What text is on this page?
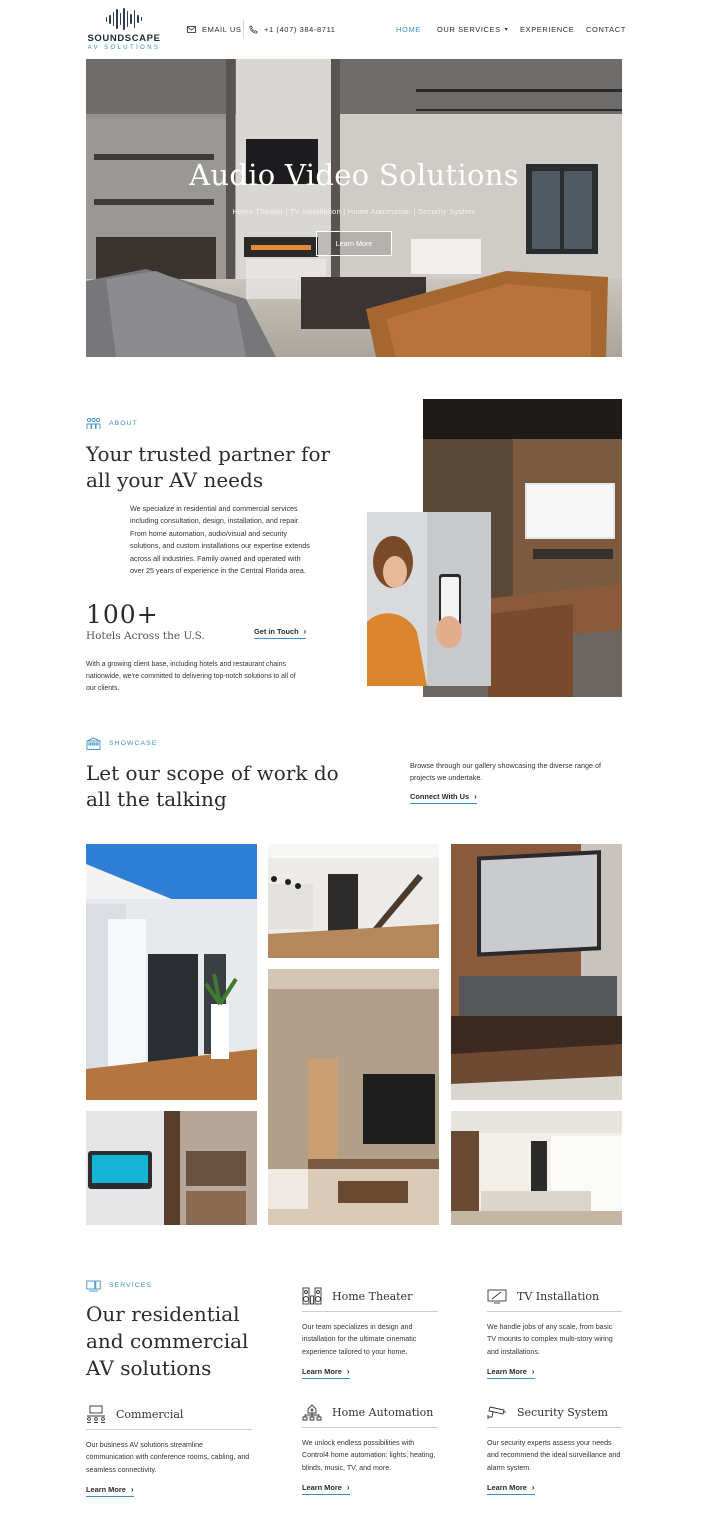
SOUNDSCAPE
AV SOLUTIONS
EMAIL US	+1 (407) 384-8711	HOME OUR SERVICES ▾ EXPERIENCE CONTACT
Audio Video Solutions
Home Theater | TV Installation | Home Automation | Security System
Learn More
ABOUT
Your trusted partner for
all your AV needs
We specialize in residential and commercial services including consultation, design, installation, and repair. From home automation, audio/visual and security solutions, and custom installations our expertise extends across all industries. Family owned and operated with over 25 years of experience in the Central Florida area.
100+
Hotels Across the U.S.	Get in Touch ›
With a growing client base, including hotels and restaurant chains nationwide, we're committed to delivering top-notch solutions to all of our clients.
SHOWCASE
Let our scope of work do
all the talking
Browse through our gallery showcasing the diverse range of projects we undertake.
Connect With Us ›
SERVICES
Our residential
and commercial
AV solutions
Home Theater
Our team specializes in design and installation for the ultimate cinematic experience tailored to your home.
Learn More ›
TV Installation
We handle jobs of any scale, from basic TV mounts to complex multi-story wiring and installations.
Learn More ›
Commercial
Our business AV solutions streamline communication with conference rooms, cabling, and seamless connectivity.
Learn More ›
Home Automation
We unlock endless possibilities with Control4 home automation: lights, heating, blinds, music, TV, and more.
Learn More ›
Security System
Our security experts assess your needs and recommend the ideal surveillance and alarm system.
Learn More ›
